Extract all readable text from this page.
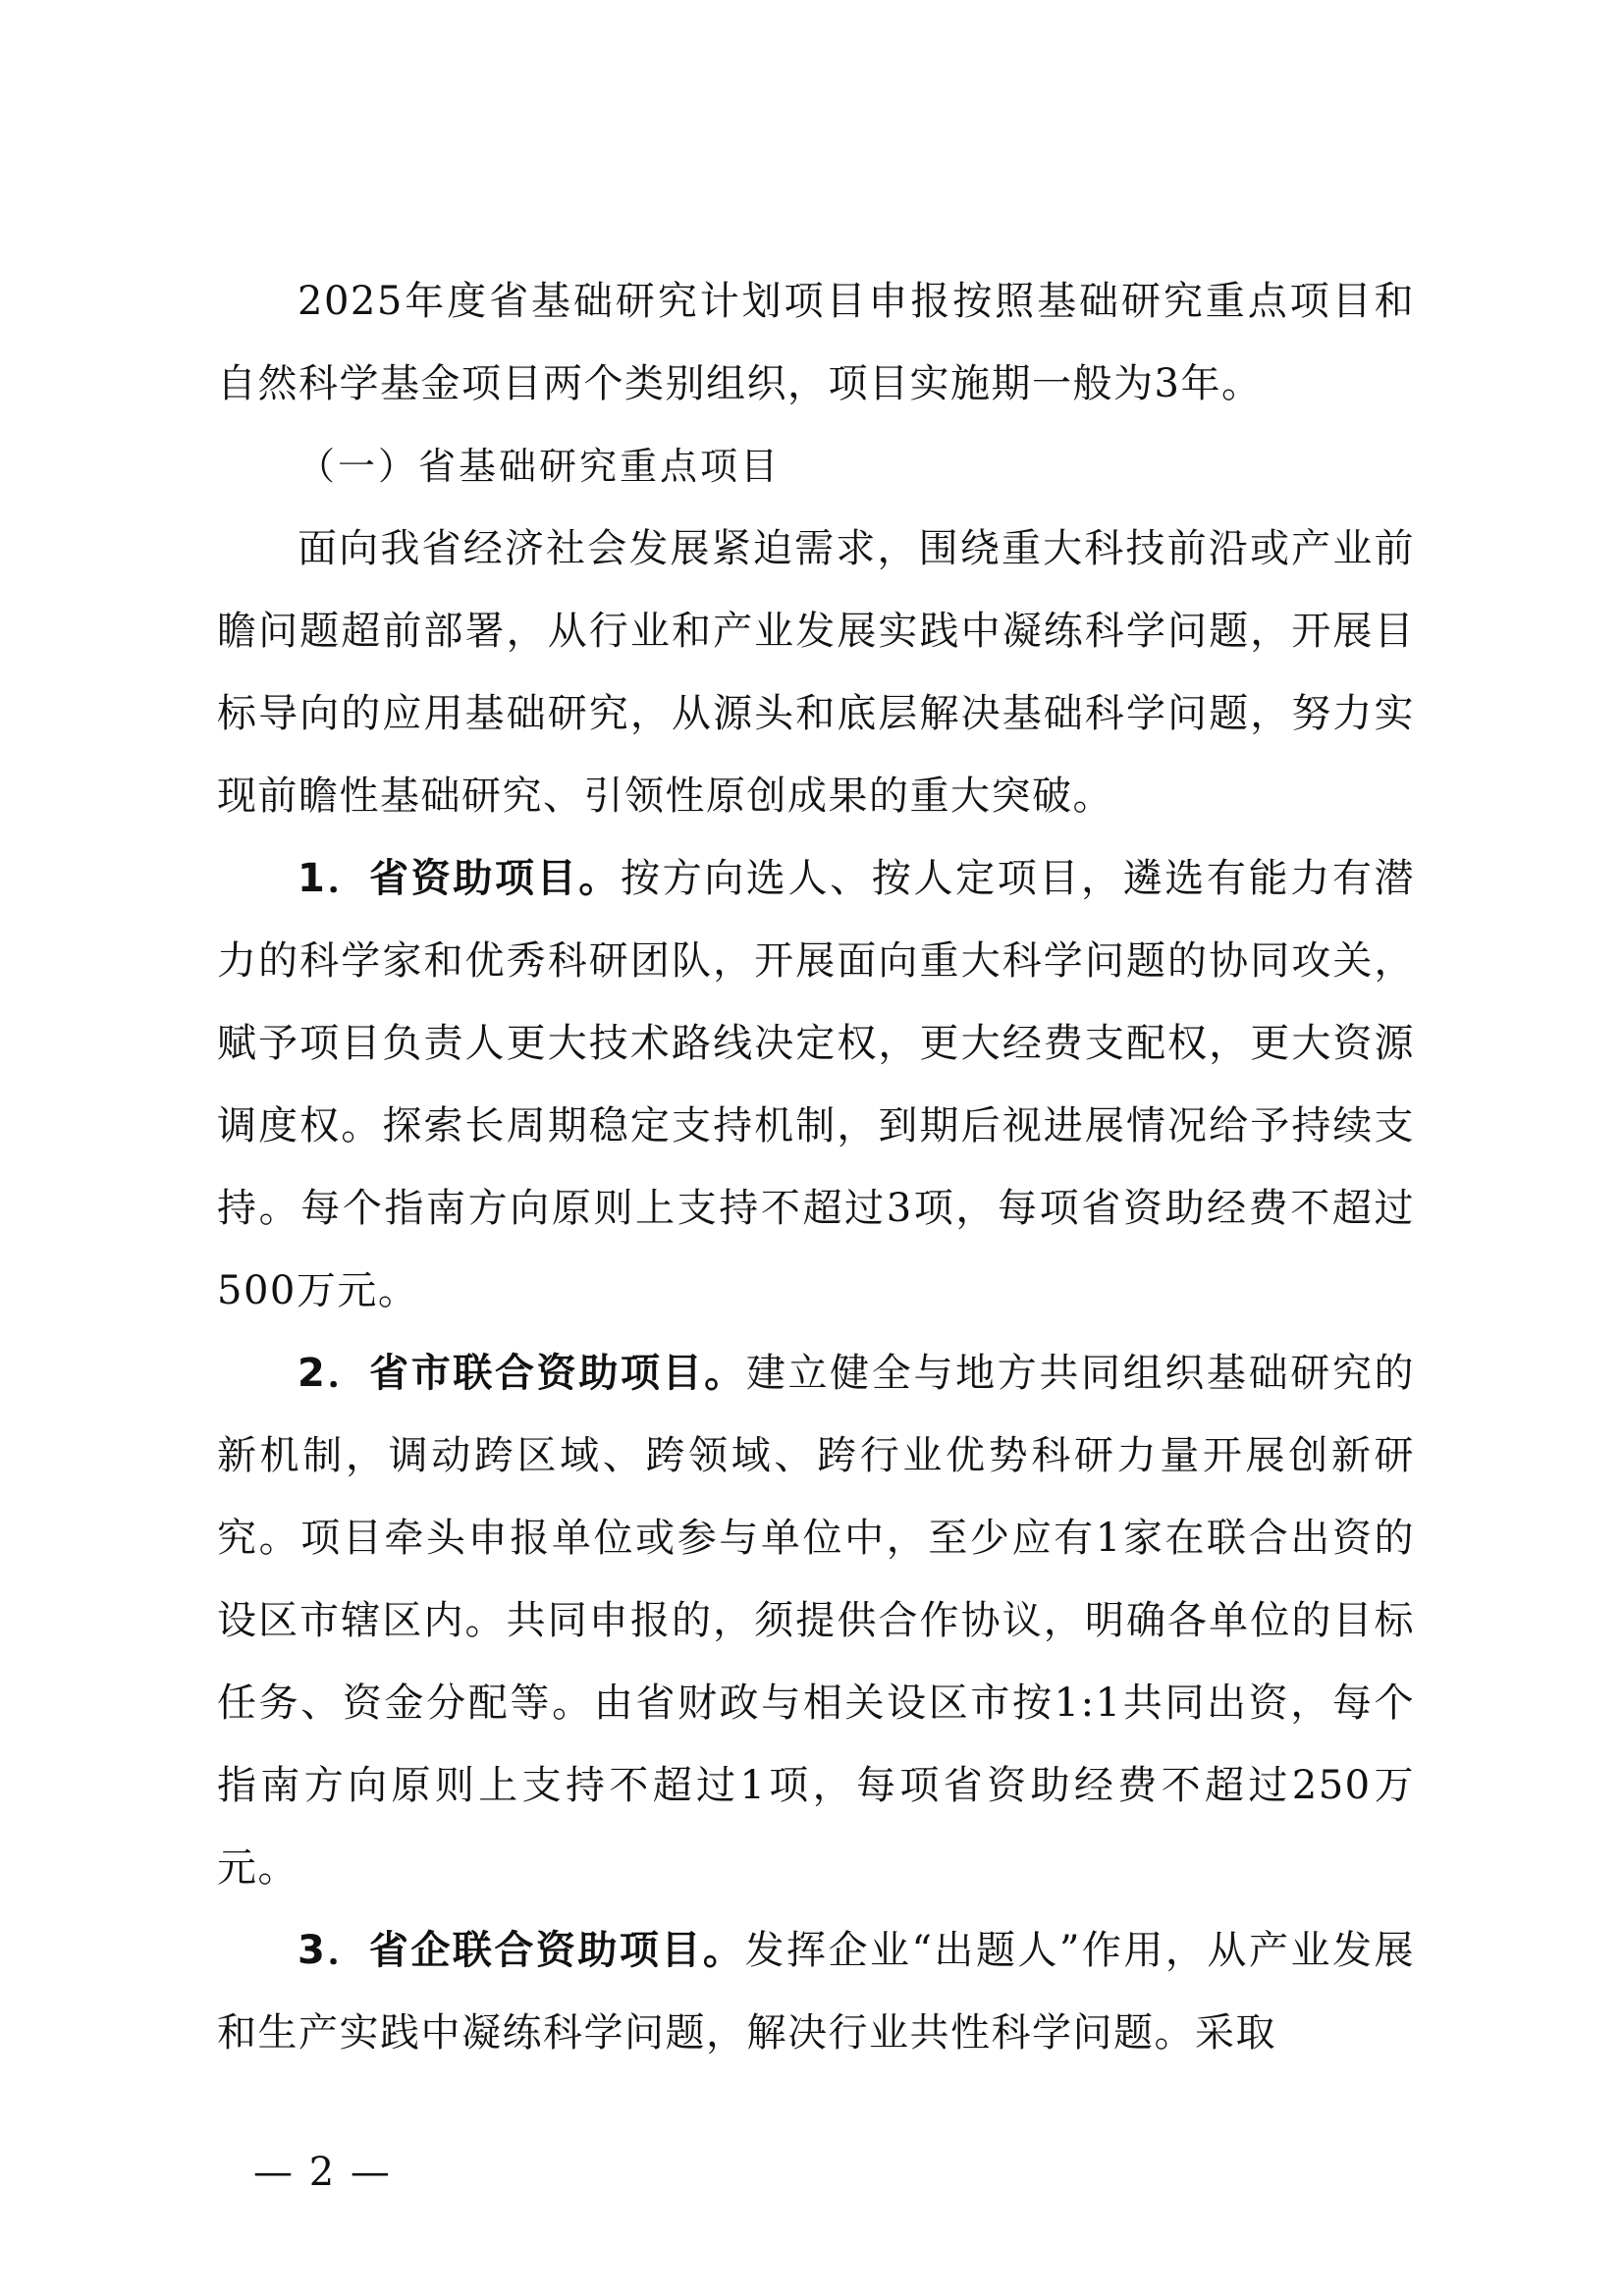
2025年度省基础研究计划项目申报按照基础研究重点项目和自然科学基金项目两个类别组织，项目实施期一般为3年。

（一）省基础研究重点项目

面向我省经济社会发展紧迫需求，围绕重大科技前沿或产业前瞻问题超前部署，从行业和产业发展实践中凝练科学问题，开展目标导向的应用基础研究，从源头和底层解决基础科学问题，努力实现前瞻性基础研究、引领性原创成果的重大突破。

1．省资助项目。按方向选人、按人定项目，遴选有能力有潜力的科学家和优秀科研团队，开展面向重大科学问题的协同攻关，赋予项目负责人更大技术路线决定权，更大经费支配权，更大资源调度权。探索长周期稳定支持机制，到期后视进展情况给予持续支持。每个指南方向原则上支持不超过3项，每项省资助经费不超过500万元。

2．省市联合资助项目。建立健全与地方共同组织基础研究的新机制，调动跨区域、跨领域、跨行业优势科研力量开展创新研究。项目牵头申报单位或参与单位中，至少应有1家在联合出资的设区市辖区内。共同申报的，须提供合作协议，明确各单位的目标任务、资金分配等。由省财政与相关设区市按1:1共同出资，每个指南方向原则上支持不超过1项，每项省资助经费不超过250万元。

3．省企联合资助项目。发挥企业“出题人”作用，从产业发展和生产实践中凝练科学问题，解决行业共性科学问题。采取

— 2 —
